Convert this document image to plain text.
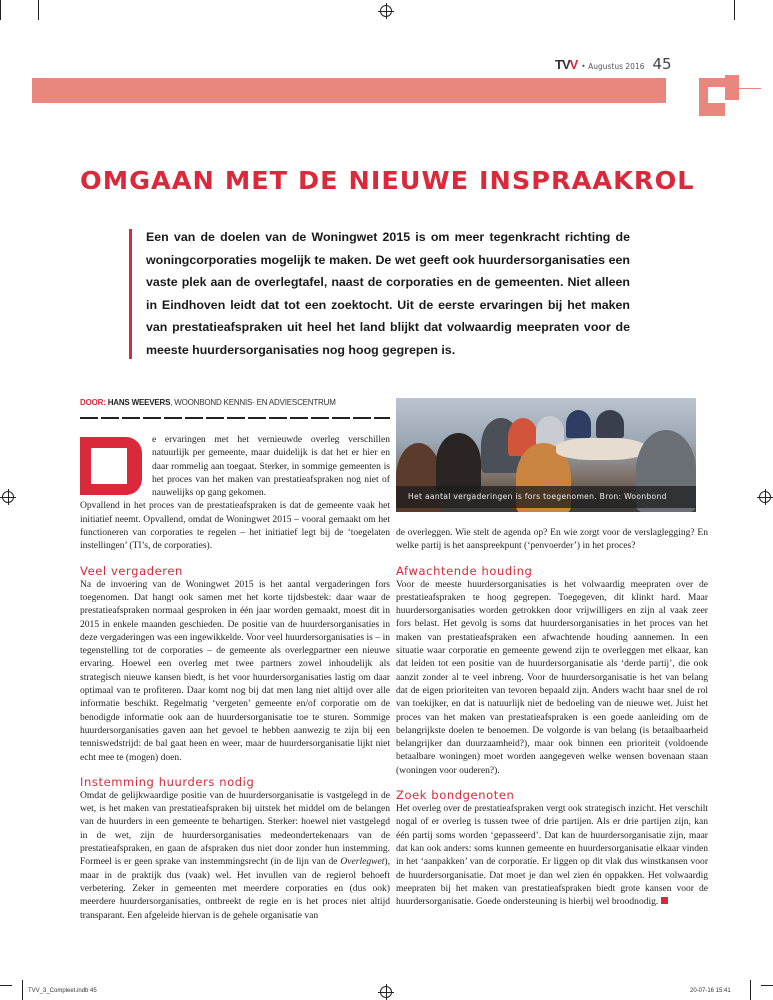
TVV • Augustus 2016 45
OMGAAN MET DE NIEUWE INSPRAAKROL
Een van de doelen van de Woningwet 2015 is om meer tegenkracht richting de woningcorporaties mogelijk te maken. De wet geeft ook huurdersorganisaties een vaste plek aan de overlegtafel, naast de corporaties en de gemeenten. Niet alleen in Eindhoven leidt dat tot een zoektocht. Uit de eerste ervaringen bij het maken van prestatieafspraken uit heel het land blijkt dat volwaardig meepraten voor de meeste huurdersorganisaties nog hoog gegrepen is.
DOOR: HANS WEEVERS, WOONBOND KENNIS- EN ADVIESCENTRUM

e ervaringen met het vernieuwde overleg verschillen natuurlijk per gemeente, maar duidelijk is dat het er hier en daar rommelig aan toegaat. Sterker, in sommige gemeenten is het proces van het maken van prestatieafspraken nog niet of nauwelijks op gang gekomen.

Opvallend in het proces van de prestatieafspraken is dat de gemeente vaak het initiatief neemt. Opvallend, omdat de Woningwet 2015 – vooral gemaakt om het functioneren van corporaties te regelen – het initiatief legt bij de ‘toegelaten instellingen’ (TI’s, de corporaties).

Veel vergaderen

Na de invoering van de Woningwet 2015 is het aantal vergaderingen fors toegenomen. Dat hangt ook samen met het korte tijdsbestek: daar waar de prestatieafspraken normaal gesproken in één jaar worden gemaakt, moest dit in 2015 in enkele maanden geschieden. De positie van de huurdersorganisaties in deze vergaderingen was een ingewikkelde. Voor veel huurdersorganisaties is – in tegenstelling tot de corporaties – de gemeente als overlegpartner een nieuwe ervaring. Hoewel een overleg met twee partners zowel inhoudelijk als strategisch nieuwe kansen biedt, is het voor huurdersorganisaties lastig om daar optimaal van te profiteren. Daar komt nog bij dat men lang niet altijd over alle informatie beschikt. Regelmatig ‘vergeten’ gemeente en/of corporatie om de benodigde informatie ook aan de huurdersorganisatie toe te sturen. Sommige huurdersorganisaties gaven aan het gevoel te hebben aanwezig te zijn bij een tenniswedstrijd: de bal gaat heen en weer, maar de huurdersorganisatie lijkt niet echt mee te (mogen) doen.

Instemming huurders nodig

Omdat de gelijkwaardige positie van de huurdersorganisatie is vastgelegd in de wet, is het maken van prestatieafspraken bij uitstek het middel om de belangen van de huurders in een gemeente te behartigen. Sterker: hoewel niet vastgelegd in de wet, zijn de huurdersorganisaties medeondertekenaars van de prestatieafspraken, en gaan de afspraken dus niet door zonder hun instemming. Formeel is er geen sprake van instemmingsrecht (in de lijn van de Overlegwet), maar in de praktijk dus (vaak) wel. Het invullen van de regierol behoeft verbetering. Zeker in gemeenten met meerdere corporaties en (dus ook) meerdere huurdersorganisaties, ontbreekt de regie en is het proces niet altijd transparant. Een afgeleide hiervan is de gehele organisatie van

Het aantal vergaderingen is fors toegenomen. Bron: Woonbond

de overleggen. Wie stelt de agenda op? En wie zorgt voor de verslaglegging? En welke partij is het aanspreekpunt (‘penvoerder’) in het proces?

Afwachtende houding

Voor de meeste huurdersorganisaties is het volwaardig meepraten over de prestatieafspraken te hoog gegrepen. Toegegeven, dit klinkt hard. Maar huurdersorganisaties worden getrokken door vrijwilligers en zijn al vaak zeer fors belast. Het gevolg is soms dat huurdersorganisaties in het proces van het maken van prestatieafspraken een afwachtende houding aannemen. In een situatie waar corporatie en gemeente gewend zijn te overleggen met elkaar, kan dat leiden tot een positie van de huurdersorganisatie als ‘derde partij’, die ook aanzit zonder al te veel inbreng. Voor de huurdersorganisatie is het van belang dat de eigen prioriteiten van tevoren bepaald zijn. Anders wacht haar snel de rol van toekijker, en dat is natuurlijk niet de bedoeling van de nieuwe wet. Juist het proces van het maken van prestatieafspraken is een goede aanleiding om de belangrijkste doelen te benoemen. De volgorde is van belang (is betaalbaarheid belangrijker dan duurzaamheid?), maar ook binnen een prioriteit (voldoende betaalbare woningen) moet worden aangegeven welke wensen bovenaan staan (woningen voor ouderen?).

Zoek bondgenoten

Het overleg over de prestatieafspraken vergt ook strategisch inzicht. Het verschilt nogal of er overleg is tussen twee of drie partijen. Als er drie partijen zijn, kan één partij soms worden ‘gepasseerd’. Dat kan de huurdersorganisatie zijn, maar dat kan ook anders: soms kunnen gemeente en huurdersorganisatie elkaar vinden in het ‘aanpakken’ van de corporatie. Er liggen op dit vlak dus winstkansen voor de huurdersorganisatie. Dat moet je dan wel zien én oppakken. Het volwaardig meepraten bij het maken van prestatieafspraken biedt grote kansen voor de huurdersorganisatie. Goede ondersteuning is hierbij wel broodnodig.

TVV_3_Compleet.indb 45	20-07-16 15:41
